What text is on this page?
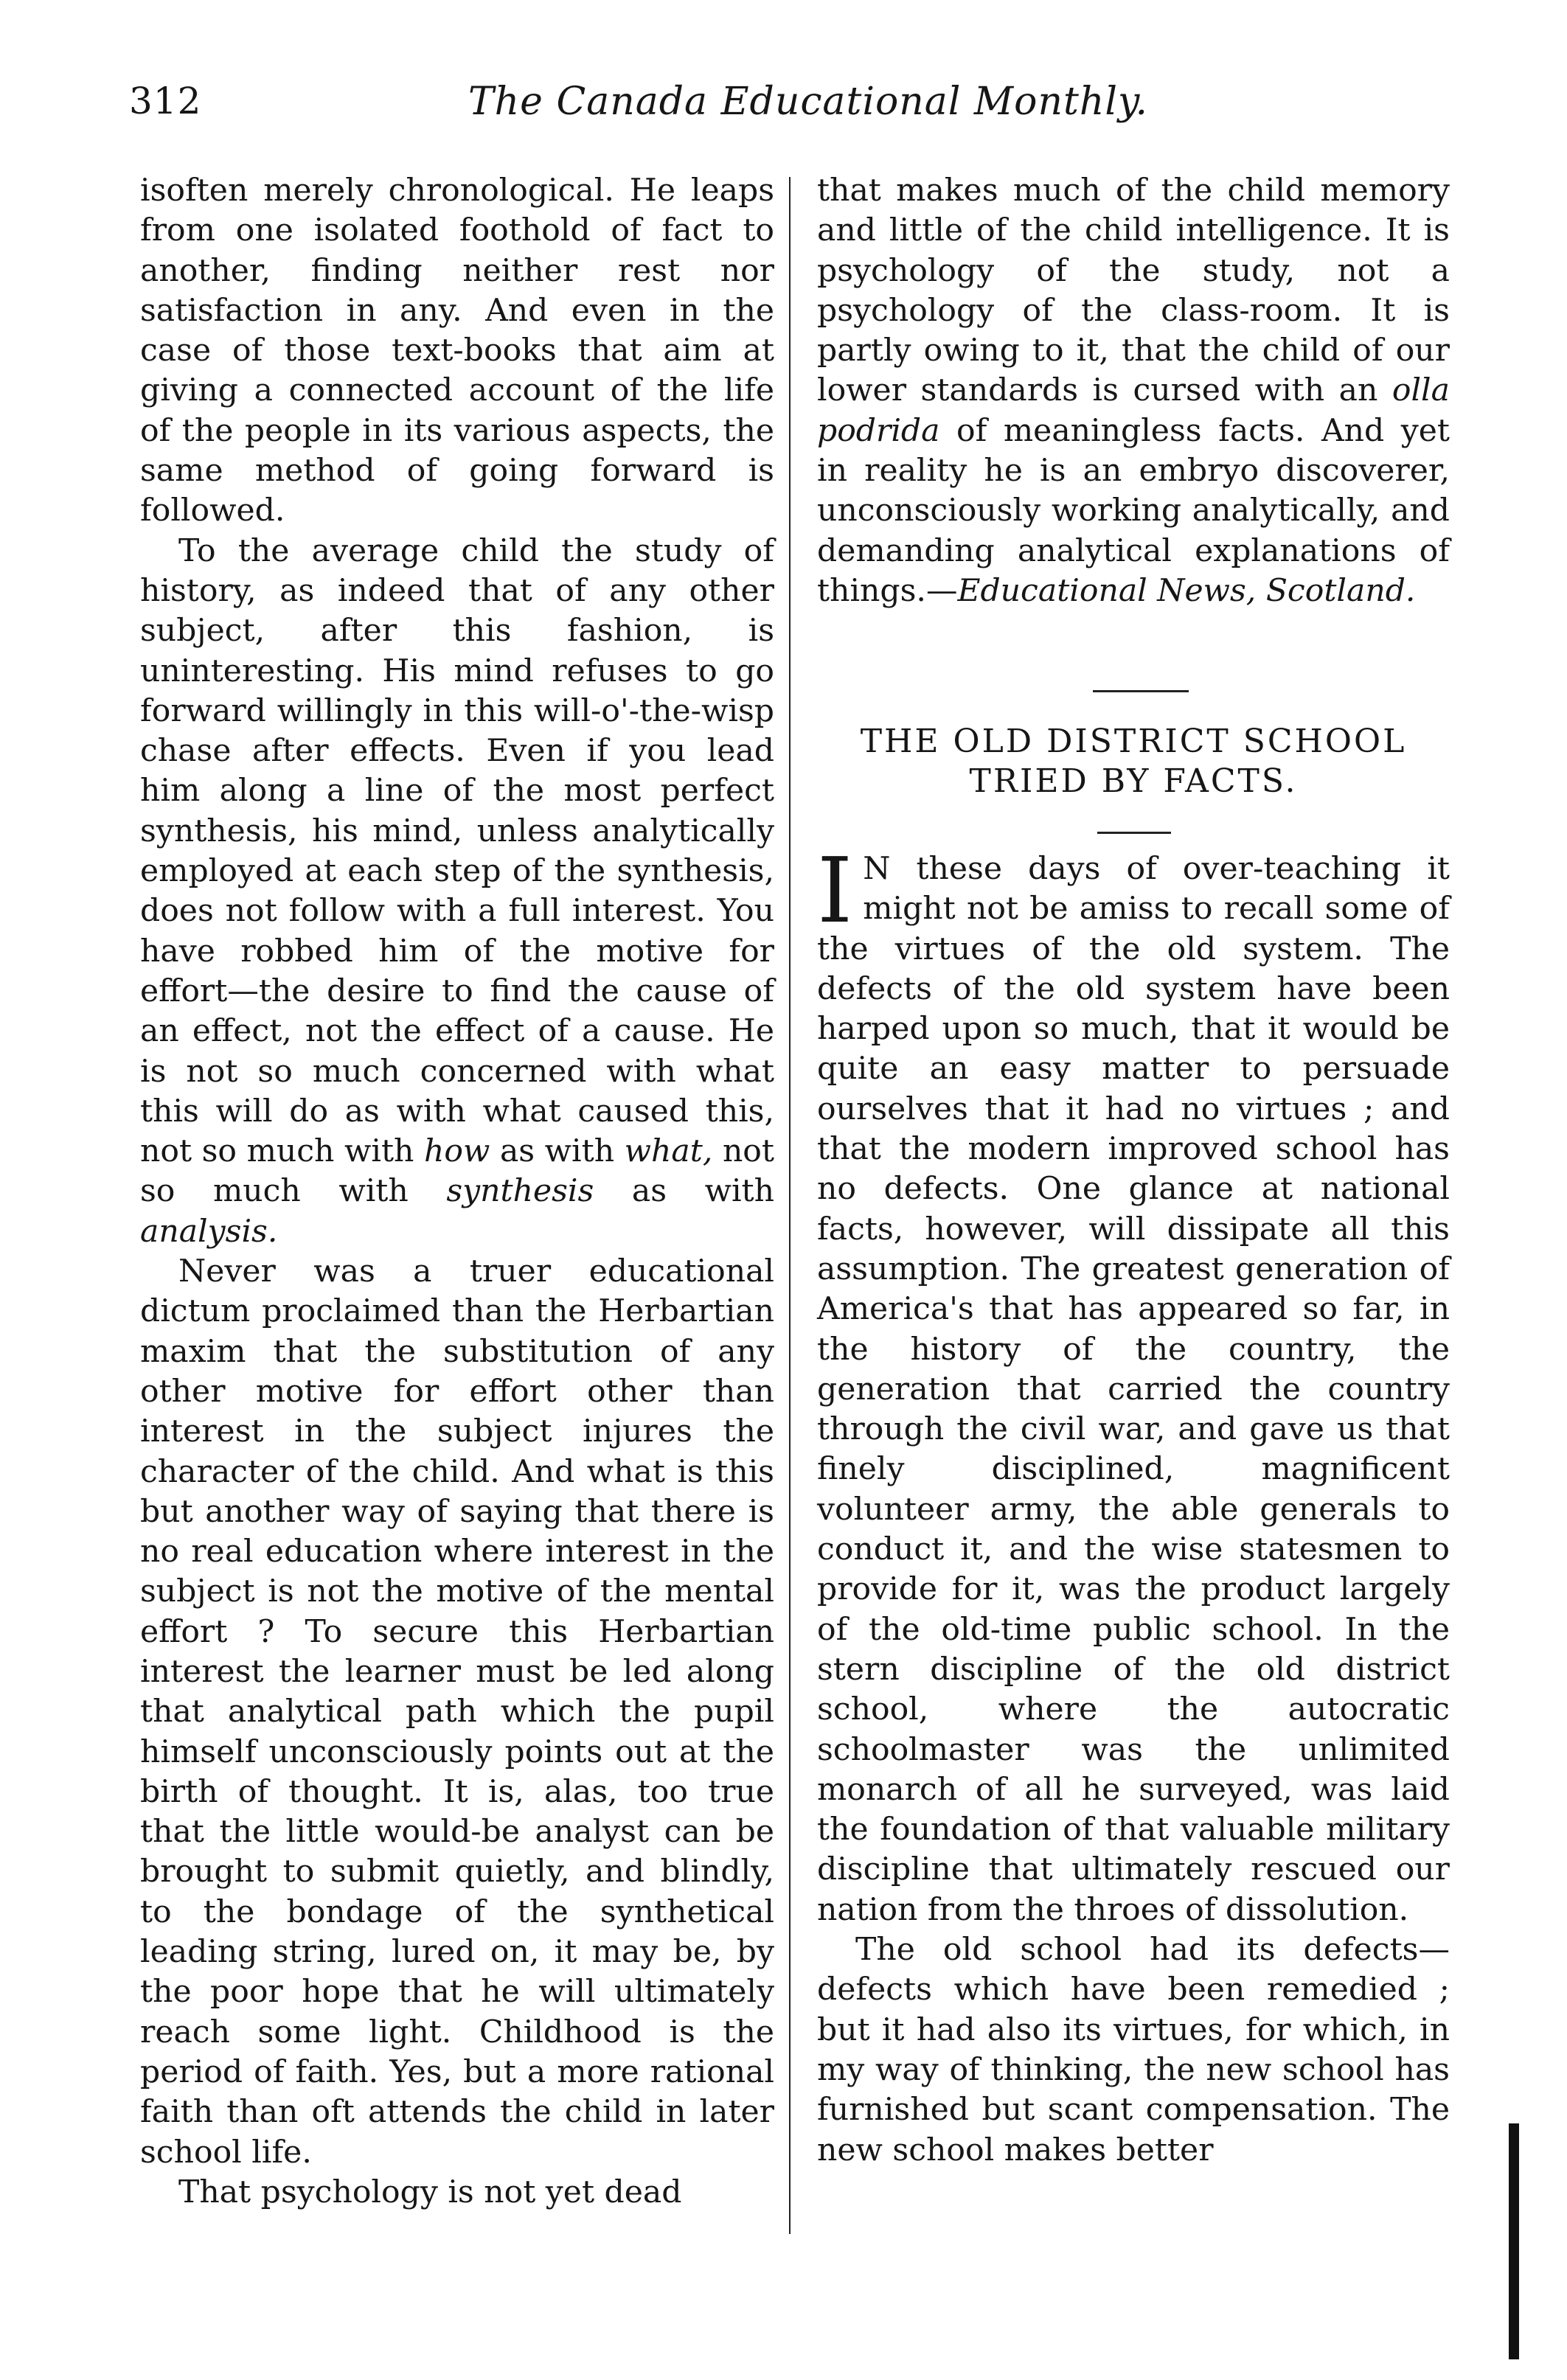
312	The Canada Educational Monthly.

isoften merely chronological. He leaps from one isolated foothold of fact to another, finding neither rest nor satisfaction in any. And even in the case of those text-books that aim at giving a connected account of the life of the people in its various aspects, the same method of going forward is followed.

To the average child the study of history, as indeed that of any other subject, after this fashion, is uninteresting. His mind refuses to go forward willingly in this will-o'-the-wisp chase after effects. Even if you lead him along a line of the most perfect synthesis, his mind, unless analytically employed at each step of the synthesis, does not follow with a full interest. You have robbed him of the motive for effort—the desire to find the cause of an effect, not the effect of a cause. He is not so much concerned with what this will do as with what caused this, not so much with how as with what, not so much with synthesis as with analysis.

Never was a truer educational dictum proclaimed than the Herbartian maxim that the substitution of any other motive for effort other than interest in the subject injures the character of the child. And what is this but another way of saying that there is no real education where interest in the subject is not the motive of the mental effort ? To secure this Herbartian interest the learner must be led along that analytical path which the pupil himself unconsciously points out at the birth of thought. It is, alas, too true that the little would-be analyst can be brought to submit quietly, and blindly, to the bondage of the synthetical leading string, lured on, it may be, by the poor hope that he will ultimately reach some light. Childhood is the period of faith. Yes, but a more rational faith than oft attends the child in later school life.

That psychology is not yet dead

that makes much of the child memory and little of the child intelligence. It is psychology of the study, not a psychology of the class-room. It is partly owing to it, that the child of our lower standards is cursed with an olla podrida of meaningless facts. And yet in reality he is an embryo discoverer, unconsciously working analytically, and demanding analytical explanations of things.—Educational News, Scotland.

THE OLD DISTRICT SCHOOL
TRIED BY FACTS.

I N these days of over-teaching it might not be amiss to recall some of the virtues of the old system. The defects of the old system have been harped upon so much, that it would be quite an easy matter to persuade ourselves that it had no virtues ; and that the modern improved school has no defects. One glance at national facts, however, will dissipate all this assumption. The greatest generation of America's that has appeared so far, in the history of the country, the generation that carried the country through the civil war, and gave us that finely disciplined, magnificent volunteer army, the able generals to conduct it, and the wise statesmen to provide for it, was the product largely of the old-time public school. In the stern discipline of the old district school, where the autocratic schoolmaster was the unlimited monarch of all he surveyed, was laid the foundation of that valuable military discipline that ultimately rescued our nation from the throes of dissolution.

The old school had its defects—defects which have been remedied ; but it had also its virtues, for which, in my way of thinking, the new school has furnished but scant compensation. The new school makes better
